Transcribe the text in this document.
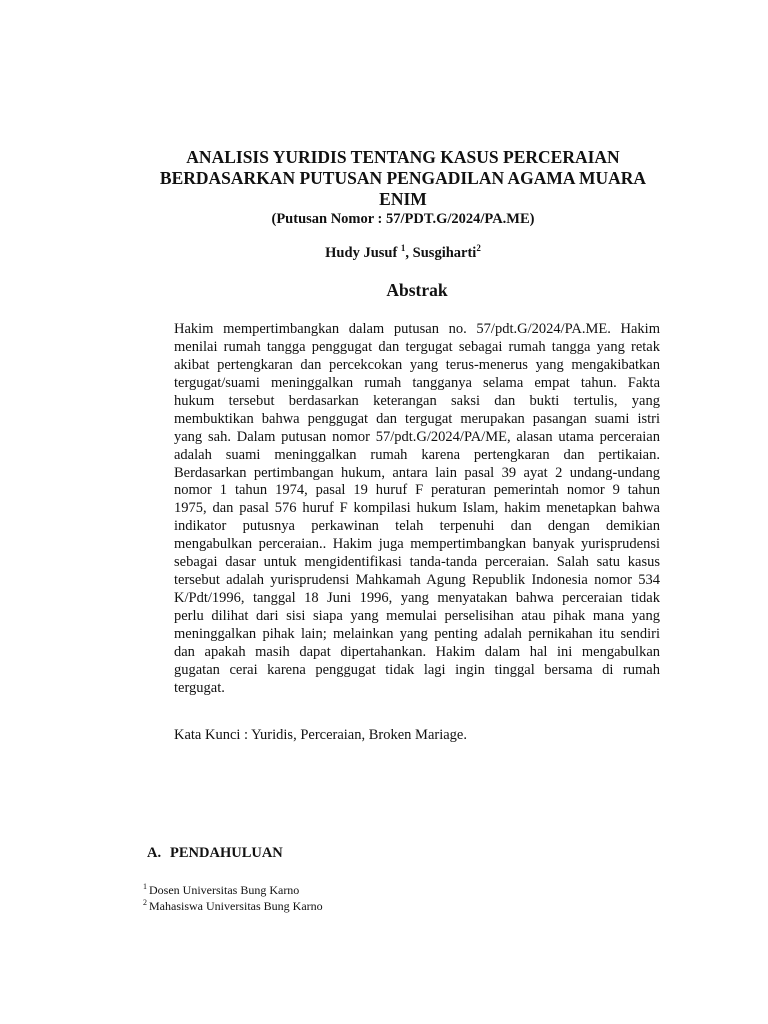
ANALISIS YURIDIS TENTANG KASUS PERCERAIAN
BERDASARKAN PUTUSAN PENGADILAN AGAMA MUARA
ENIM
(Putusan Nomor : 57/PDT.G/2024/PA.ME)
Hudy Jusuf $^1$, Susgiharti$^2$
Abstrak
Hakim mempertimbangkan dalam putusan no. 57/pdt.G/2024/PA.ME. Hakim
menilai rumah tangga penggugat dan tergugat sebagai rumah tangga yang retak
akibat pertengkaran dan percekcokan yang terus-menerus yang mengakibatkan
tergugat/suami meninggalkan rumah tangganya selama empat tahun. Fakta
hukum tersebut berdasarkan keterangan saksi dan bukti tertulis, yang
membuktikan bahwa penggugat dan tergugat merupakan pasangan suami istri
yang sah. Dalam putusan nomor 57/pdt.G/2024/PA/ME, alasan utama perceraian
adalah suami meninggalkan rumah karena pertengkaran dan pertikaian.
Berdasarkan pertimbangan hukum, antara lain pasal 39 ayat 2 undang-undang
nomor 1 tahun 1974, pasal 19 huruf F peraturan pemerintah nomor 9 tahun
1975, dan pasal 576 huruf F kompilasi hukum Islam, hakim menetapkan bahwa
indikator putusnya perkawinan telah terpenuhi dan dengan demikian
mengabulkan perceraian.. Hakim juga mempertimbangkan banyak yurisprudensi
sebagai dasar untuk mengidentifikasi tanda-tanda perceraian. Salah satu kasus
tersebut adalah yurisprudensi Mahkamah Agung Republik Indonesia nomor 534
K/Pdt/1996, tanggal 18 Juni 1996, yang menyatakan bahwa perceraian tidak
perlu dilihat dari sisi siapa yang memulai perselisihan atau pihak mana yang
meninggalkan pihak lain; melainkan yang penting adalah pernikahan itu sendiri
dan apakah masih dapat dipertahankan. Hakim dalam hal ini mengabulkan
gugatan cerai karena penggugat tidak lagi ingin tinggal bersama di rumah
tergugat.
Kata Kunci : Yuridis, Perceraian, Broken Mariage.
A. PENDAHULUAN
$^1$ Dosen Universitas Bung Karno
$^2$ Mahasiswa Universitas Bung Karno
